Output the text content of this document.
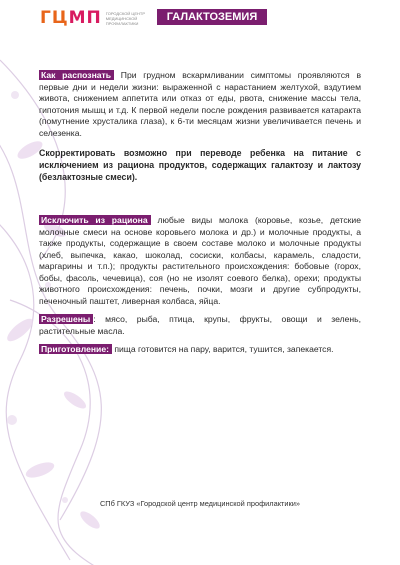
ГЦМП ГОРОДСКОЙ ЦЕНТР
МЕДИЦИНСКОЙ
ПРОФИЛАКТИКИ	ГАЛАКТОЗЕМИЯ

Как распознать При грудном вскармливании симптомы проявляются в первые дни и недели жизни: выраженной с нарастанием желтухой, вздутием живота, снижением аппетита или отказ от еды, рвота, снижение массы тела, гипотония мышц и т.д. К первой недели после рождения развивается катаракта (помутнение хрусталика глаза), к 6-ти месяцам жизни увеличивается печень и селезенка.

Скорректировать возможно при переводе ребенка на питание с исключением из рациона продуктов, содержащих галактозу и лактозу (безлактозные смеси).

Исключить из рациона любые виды молока (коровье, козье, детские молочные смеси на основе коровьего молока и др.) и молочные продукты, а также продукты, содержащие в своем составе молоко и молочные продукты (хлеб, выпечка, какао, шоколад, сосиски, колбасы, карамель, сладости, маргарины и т.п.); продукты растительного происхождения: бобовые (горох, бобы, фасоль, чечевица), соя (но не изолят соевого белка), орехи; продукты животного происхождения: печень, почки, мозги и другие субпродукты, печеночный паштет, ливерная колбаса, яйца.

Разрешены : мясо, рыба, птица, крупы, фрукты, овощи и зелень, растительные масла.

Приготовление: пища готовится на пару, варится, тушится, запекается.

СПб ГКУЗ «Городской центр медицинской профилактики»
